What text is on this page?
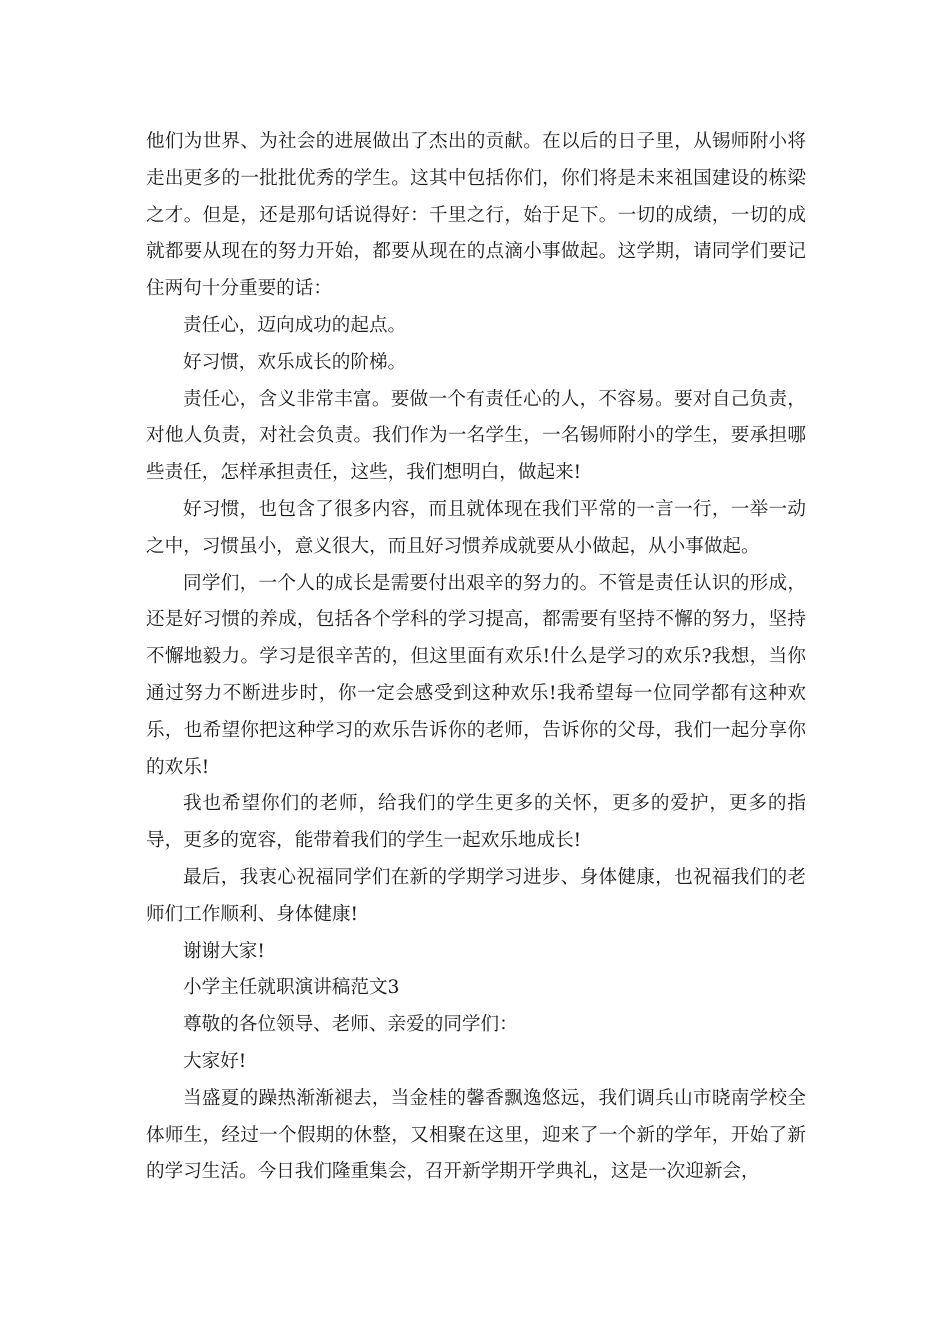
他们为世界、为社会的进展做出了杰出的贡献。在以后的日子里，从锡师附小将走出更多的一批批优秀的学生。这其中包括你们，你们将是未来祖国建设的栋梁之才。但是，还是那句话说得好：千里之行，始于足下。一切的成绩，一切的成就都要从现在的努力开始，都要从现在的点滴小事做起。这学期，请同学们要记住两句十分重要的话：

责任心，迈向成功的起点。

好习惯，欢乐成长的阶梯。

责任心，含义非常丰富。要做一个有责任心的人，不容易。要对自己负责，对他人负责，对社会负责。我们作为一名学生，一名锡师附小的学生，要承担哪些责任，怎样承担责任，这些，我们想明白，做起来!

好习惯，也包含了很多内容，而且就体现在我们平常的一言一行，一举一动之中，习惯虽小，意义很大，而且好习惯养成就要从小做起，从小事做起。

同学们，一个人的成长是需要付出艰辛的努力的。不管是责任认识的形成，还是好习惯的养成，包括各个学科的学习提高，都需要有坚持不懈的努力，坚持不懈地毅力。学习是很辛苦的，但这里面有欢乐!什么是学习的欢乐?我想，当你通过努力不断进步时，你一定会感受到这种欢乐!我希望每一位同学都有这种欢乐，也希望你把这种学习的欢乐告诉你的老师，告诉你的父母，我们一起分享你的欢乐!

我也希望你们的老师，给我们的学生更多的关怀，更多的爱护，更多的指导，更多的宽容，能带着我们的学生一起欢乐地成长!

最后，我衷心祝福同学们在新的学期学习进步、身体健康，也祝福我们的老师们工作顺利、身体健康!

谢谢大家!

小学主任就职演讲稿范文3

尊敬的各位领导、老师、亲爱的同学们：

大家好!

当盛夏的躁热渐渐褪去，当金桂的馨香飘逸悠远，我们调兵山市晓南学校全体师生，经过一个假期的休整，又相聚在这里，迎来了一个新的学年，开始了新的学习生活。今日我们隆重集会，召开新学期开学典礼，这是一次迎新会，
